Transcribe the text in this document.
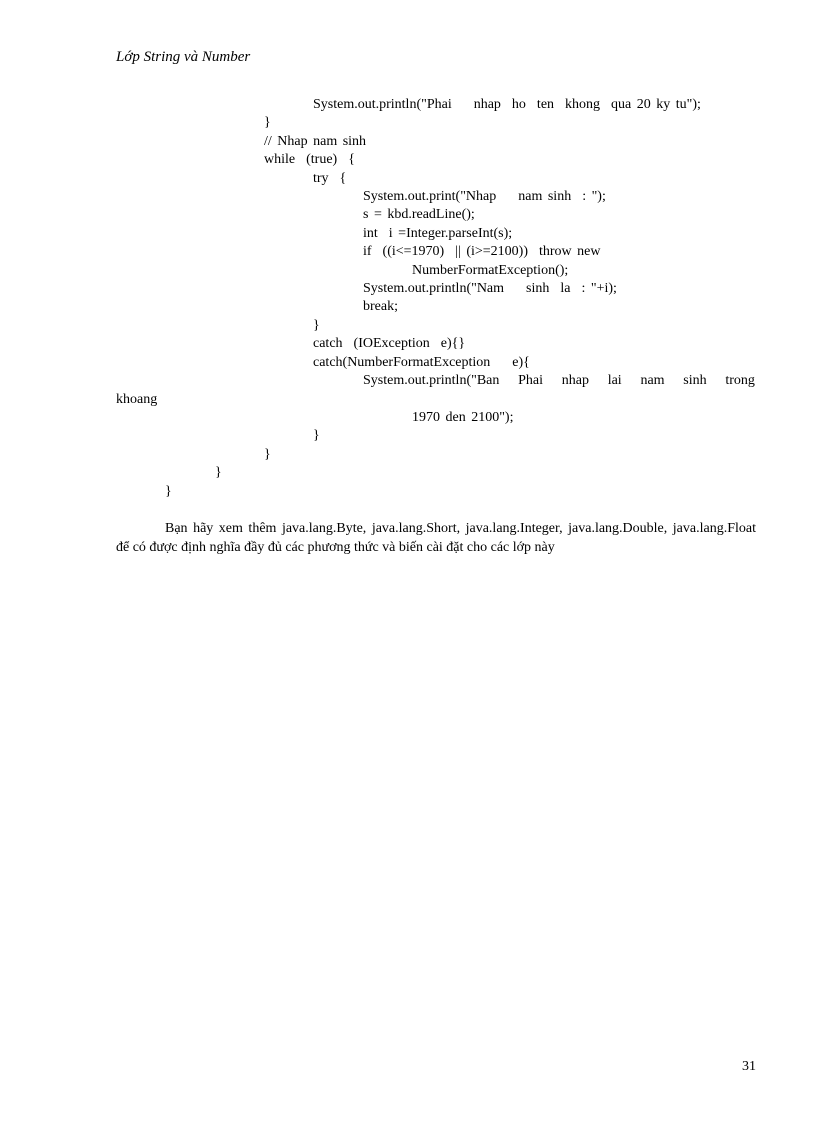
Lớp String và Number
System.out.println("Phai    nhap  ho  ten  khong  qua 20 ky tu");
}
// Nhap nam sinh
while  (true)  {
try  {
System.out.print("Nhap    nam sinh  : ");
s = kbd.readLine();
int  i =Integer.parseInt(s);
if  ((i<=1970)  || (i>=2100))  throw new
NumberFormatException();
System.out.println("Nam    sinh  la  : "+i);
break;
}
catch  (IOException  e){}
catch(NumberFormatException    e){
System.out.println("Ban Phai nhap lai nam sinh trong
khoang
1970 den 2100");
}
}
}
}
Bạn hãy xem thêm java.lang.Byte, java.lang.Short, java.lang.Integer, java.lang.Double, java.lang.Float để có được định nghĩa đầy đủ các phương thức và biến cài đặt cho các lớp này
31
